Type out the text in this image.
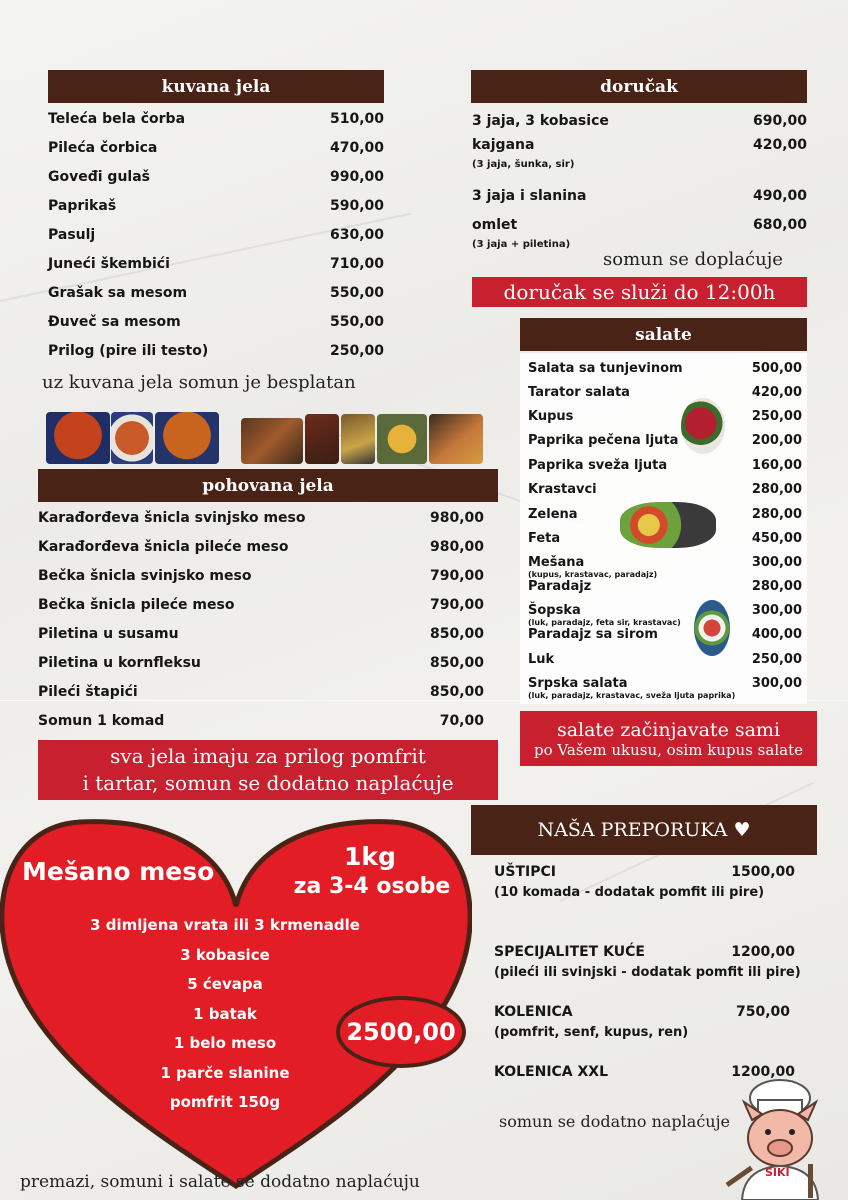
kuvana jela
Teleća bela čorba	510,00
Pileća čorbica	470,00
Goveđi gulaš	990,00
Paprikaš	590,00
Pasulj	630,00
Juneći škembići	710,00
Grašak sa mesom	550,00
Đuveč sa mesom	550,00
Prilog (pire ili testo)	250,00
uz kuvana jela somun je besplatan
pohovana jela
Karađorđeva šnicla svinjsko meso	980,00
Karađorđeva šnicla pileće meso	980,00
Bečka šnicla svinjsko meso	790,00
Bečka šnicla pileće meso	790,00
Piletina u susamu	850,00
Piletina u kornfleksu	850,00
Pileći štapići	850,00
Somun 1 komad	70,00
sva jela imaju za prilog pomfrit
i tartar, somun se dodatno naplaćuje
doručak
3 jaja, 3 kobasice	690,00
kajgana	420,00
(3 jaja, šunka, sir)
3 jaja i slanina	490,00
omlet	680,00
(3 jaja + piletina)
somun se doplaćuje
doručak se služi do 12:00h
salate
Salata sa tunjevinom	500,00
Tarator salata	420,00
Kupus	250,00
Paprika pečena ljuta	200,00
Paprika sveža ljuta	160,00
Krastavci	280,00
Zelena	280,00
Feta	450,00
Mešana	300,00
(kupus, krastavac, paradajz)
Paradajz	280,00
Šopska	300,00
(luk, paradajz, feta sir, krastavac)
Paradajz sa sirom	400,00
Luk	250,00
Srpska salata	300,00
(luk, paradajz, krastavac, sveža ljuta paprika)
salate začinjavate sami
po Vašem ukusu, osim kupus salate
NAŠA PREPORUKA ♥
UŠTIPCI	1500,00
(10 komada - dodatak pomfit ili pire)
SPECIJALITET KUĆE	1200,00
(pileći ili svinjski - dodatak pomfit ili pire)
KOLENICA	750,00
(pomfrit, senf, kupus, ren)
KOLENICA XXL	1200,00
somun se dodatno naplaćuje
SIKI
Mešano meso
1kg
za 3-4 osobe
3 dimljena vrata ili 3 krmenadle
3 kobasice
5 ćevapa
1 batak
1 belo meso
1 parče slanine
pomfrit 150g
2500,00
premazi, somuni i salate se dodatno naplaćuju
